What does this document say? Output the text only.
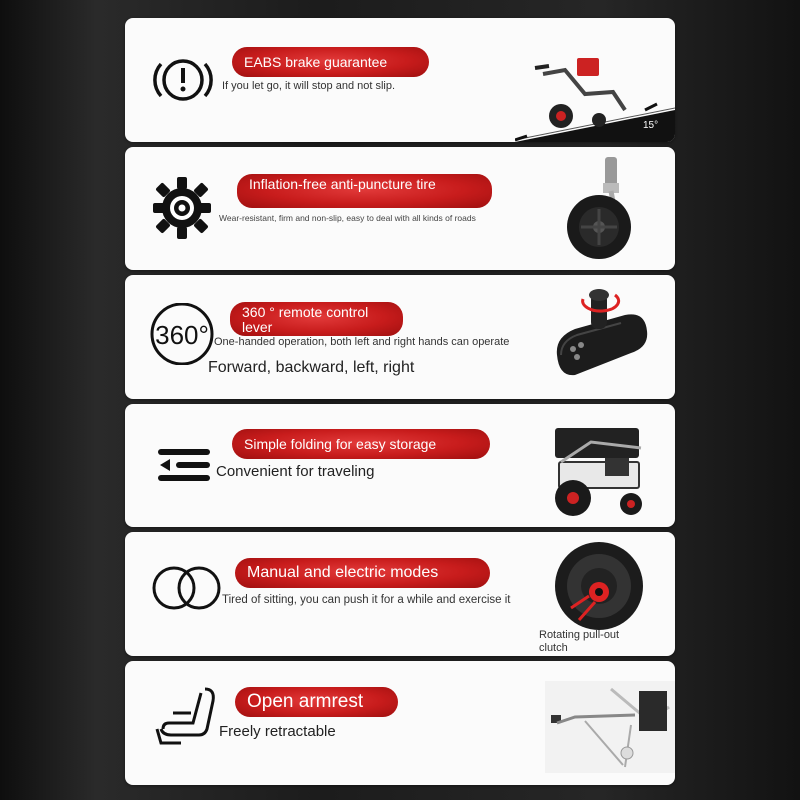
EABS brake guarantee
If you let go, it will stop and not slip.
15°
Inflation-free anti-puncture tire
Wear-resistant, firm and non-slip, easy to deal with all kinds of roads
360°
360 ° remote control lever
One-handed operation, both left and right hands can operate
Forward, backward, left, right
Simple folding for easy storage
Convenient for traveling
Manual and electric modes
Tired of sitting, you can push it for a while and exercise it
Rotating pull-out clutch
Open armrest
Freely retractable
